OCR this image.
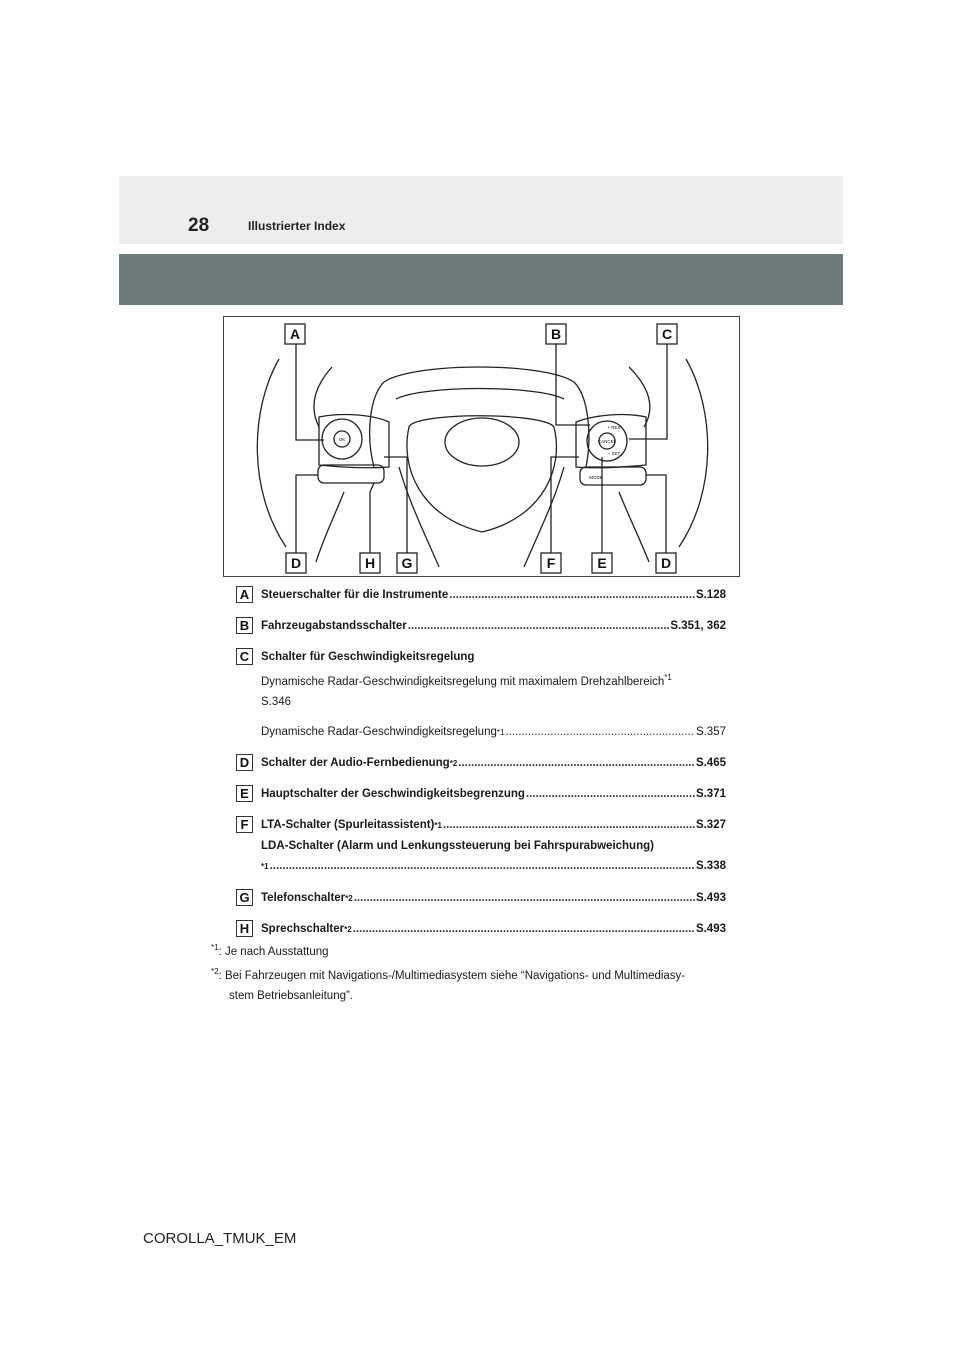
28	Illustrierter Index
A	B	C
D	H G	F	E	D
OK
+ RES
CANCEL
– SET
MODE
A	Steuerschalter für die Instrumente .....	S.128
B	Fahrzeugabstandsschalter .....	S.351, 362
C	Schalter für Geschwindigkeitsregelung
Dynamische Radar-Geschwindigkeitsregelung mit maximalem Drehzahlbereich$^{*1}$
S.346
Dynamische Radar-Geschwindigkeitsregelung *1 .....	S.357
D	Schalter der Audio-Fernbedienung *2 .....	S.465
E	Hauptschalter der Geschwindigkeitsbegrenzung .....	S.371
F	LTA-Schalter (Spurleitassistent) *1 .....	S.327
LDA-Schalter (Alarm und Lenkungssteuerung bei Fahrspurabweichung)
*1 .....	S.338
G Telefonschalter *2 .....	S.493
H	Sprechschalter *2 .....	S.493
$^{*1}$: Je nach Ausstattung
$^{*2}$: Bei Fahrzeugen mit Navigations-/Multimediasystem siehe “Navigations- und Multimediasy-
stem Betriebsanleitung”.
COROLLA_TMUK_EM
